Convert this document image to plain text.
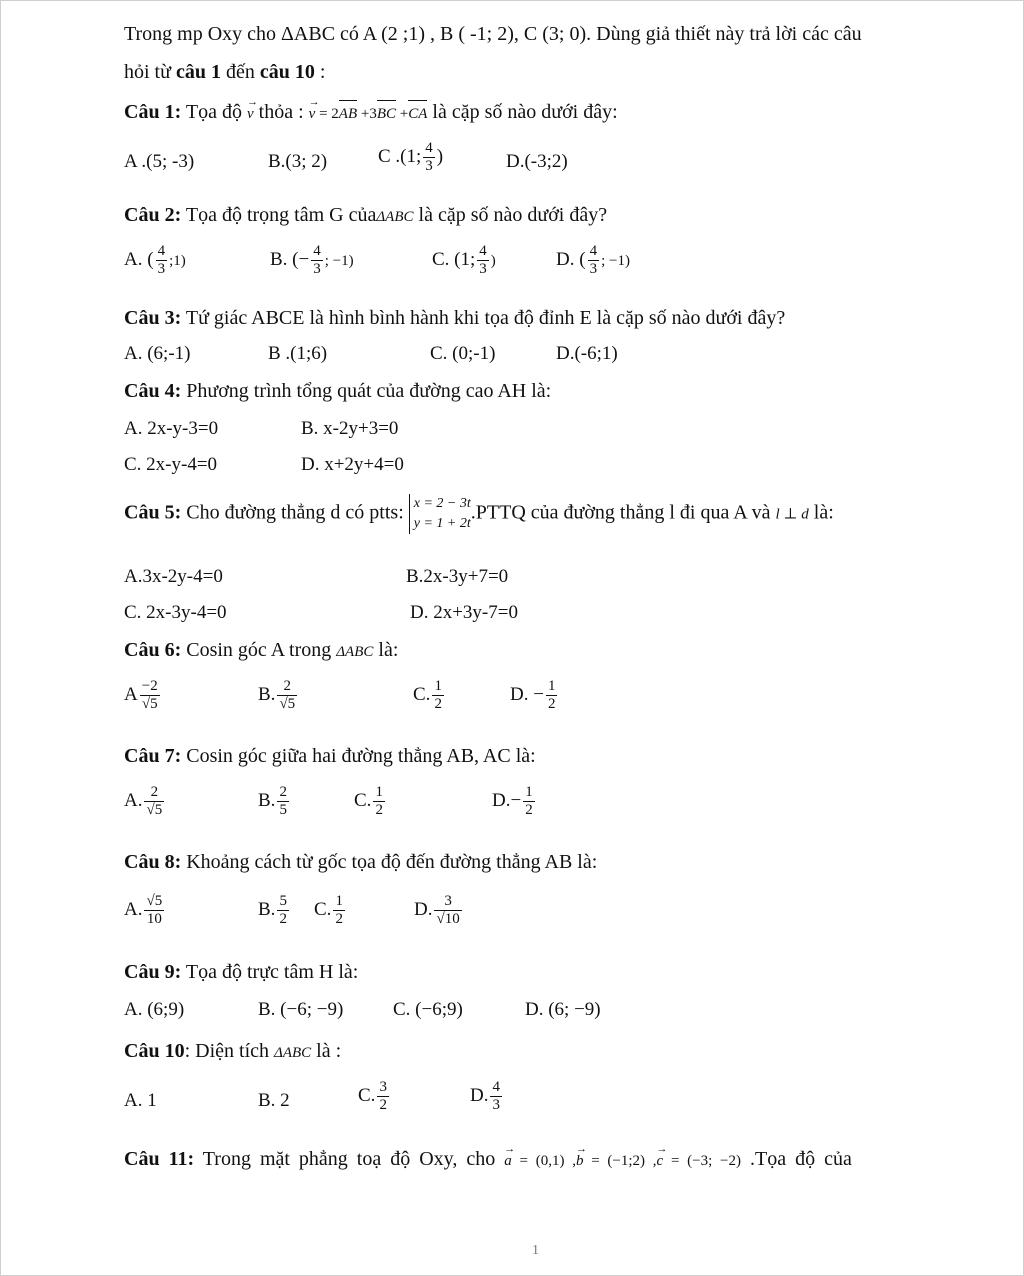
Trong mp Oxy cho ΔABC có A (2 ;1) , B ( -1; 2), C (3; 0). Dùng giả thiết này trả lời các câu
hỏi từ câu 1 đến câu 10 :
Câu 1: Tọa độ → v thỏa : → v = 2AB +3BC +CA là cặp số nào dưới đây:
A .(5; -3)	B.(3; 2)	C .(1; $\frac{4}{3}$ )	D.(-3;2)
Câu 2: Tọa độ trọng tâm G củaΔABC là cặp số nào dưới đây?
A. ( $\frac{4}{3}$ ;1)	B. (− $\frac{4}{3}$ ; −1)	C. (1; $\frac{4}{3}$ )	D. ( $\frac{4}{3}$ ; −1)
Câu 3: Tứ giác ABCE là hình bình hành khi tọa độ đỉnh E là cặp số nào dưới đây?
A. (6;-1)	B .(1;6)	C. (0;-1)	D.(-6;1)
Câu 4: Phương trình tổng quát của đường cao AH là:
A. 2x-y-3=0	B. x-2y+3=0
C. 2x-y-4=0	D. x+2y+4=0
Câu 5: Cho đường thẳng d có ptts: x = 2 − 3t
y = 1 + 2t .PTTQ của đường thẳng l đi qua A và l ⊥ d là:
A.3x-2y-4=0	B.2x-3y+7=0
C. 2x-3y-4=0	D. 2x+3y-7=0
Câu 6: Cosin góc A trong ΔABC là:
A $\frac{-2}{√5}$	B. $\frac{2}{√5}$	C. $\frac{1}{2}$	D. − $\frac{1}{2}$
Câu 7: Cosin góc giữa hai đường thẳng AB, AC là:
A. $\frac{2}{√5}$	B. $\frac{2}{5}$	C. $\frac{1}{2}$	$D.- \frac{1}{2}$
Câu 8: Khoảng cách từ gốc tọa độ đến đường thẳng AB là:
A. $\frac{√5}{10}$	B. $\frac{5}{2} C$. $\frac{1}{2}$	D. $\frac{3}{√10}$
Câu 9: Tọa độ trực tâm H là:
A. (6;9)	B. (−6; −9)	C. (−6;9)	D. (6; −9)
Câu 10: Diện tích ΔABC là :
A. 1	B. 2	C. $\frac{3}{2}$	D. $\frac{4}{3}$
Câu 11: Trong mặt phẳng toạ độ Oxy, cho → a = (0,1) ,→ b = (−1;2) ,→ c = (−3; −2) .Tọa độ của
1
